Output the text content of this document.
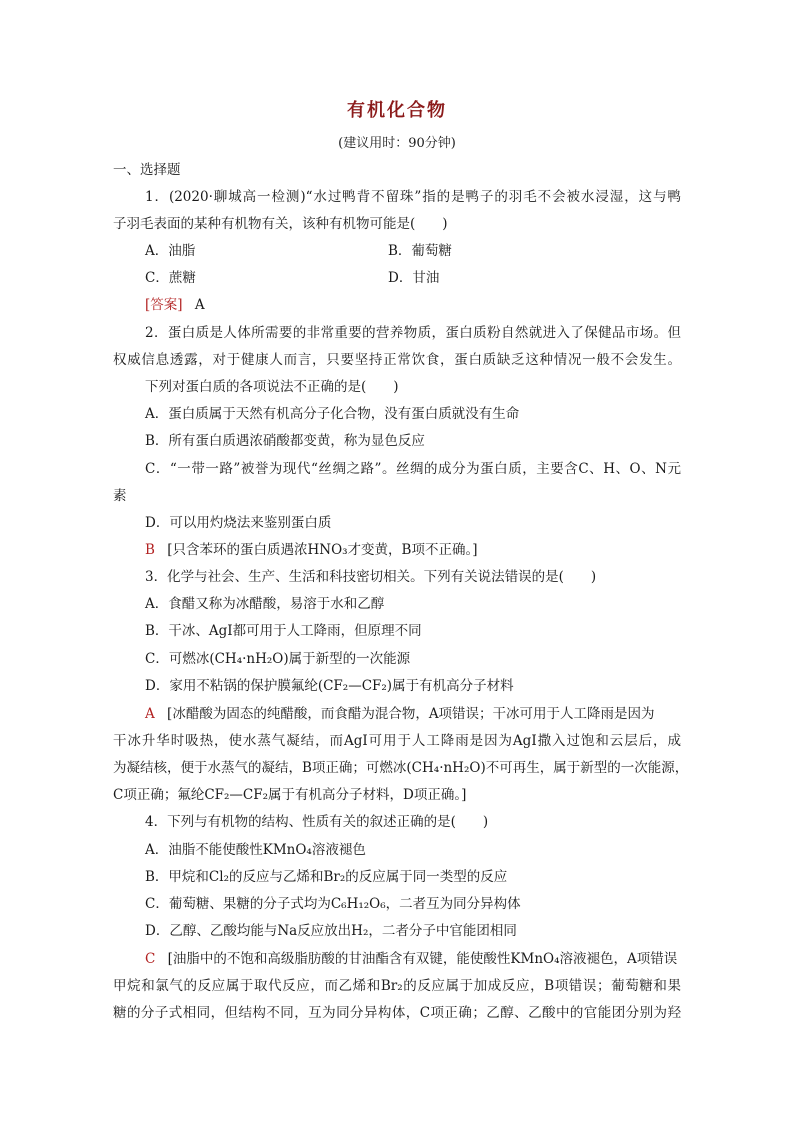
有机化合物
(建议用时：90分钟)
一、选择题
1．(2020·聊城高一检测)“水过鸭背不留珠”指的是鸭子的羽毛不会被水浸湿，这与鸭
子羽毛表面的某种有机物有关，该种有机物可能是(　　)
A．油脂	B．葡萄糖
C．蔗糖	D．甘油
[答案] A
2．蛋白质是人体所需要的非常重要的营养物质，蛋白质粉自然就进入了保健品市场。但
权威信息透露，对于健康人而言，只要坚持正常饮食，蛋白质缺乏这种情况一般不会发生。
下列对蛋白质的各项说法不正确的是(　　)
A．蛋白质属于天然有机高分子化合物，没有蛋白质就没有生命
B．所有蛋白质遇浓硝酸都变黄，称为显色反应
C．“一带一路”被誉为现代“丝绸之路”。丝绸的成分为蛋白质，主要含C、H、O、N元
素
D．可以用灼烧法来鉴别蛋白质
B [只含苯环的蛋白质遇浓HNO₃才变黄，B项不正确。]
3．化学与社会、生产、生活和科技密切相关。下列有关说法错误的是(　　)
A．食醋又称为冰醋酸，易溶于水和乙醇
B．干冰、AgI都可用于人工降雨，但原理不同
C．可燃冰(CH₄·nH₂O)属于新型的一次能源
D．家用不粘锅的保护膜氟纶(CF₂—CF₂)属于有机高分子材料
A [冰醋酸为固态的纯醋酸，而食醋为混合物，A项错误；干冰可用于人工降雨是因为
干冰升华时吸热，使水蒸气凝结，而AgI可用于人工降雨是因为AgI撒入过饱和云层后，成
为凝结核，便于水蒸气的凝结，B项正确；可燃冰(CH₄·nH₂O)不可再生，属于新型的一次能源，
C项正确；氟纶CF₂—CF₂属于有机高分子材料，D项正确。]
4．下列与有机物的结构、性质有关的叙述正确的是(　　)
A．油脂不能使酸性KMnO₄溶液褪色
B．甲烷和Cl₂的反应与乙烯和Br₂的反应属于同一类型的反应
C．葡萄糖、果糖的分子式均为C₆H₁₂O₆，二者互为同分异构体
D．乙醇、乙酸均能与Na反应放出H₂，二者分子中官能团相同
C [油脂中的不饱和高级脂肪酸的甘油酯含有双键，能使酸性KMnO₄溶液褪色，A项错误
甲烷和氯气的反应属于取代反应，而乙烯和Br₂的反应属于加成反应，B项错误；葡萄糖和果
糖的分子式相同，但结构不同，互为同分异构体，C项正确；乙醇、乙酸中的官能团分别为羟
